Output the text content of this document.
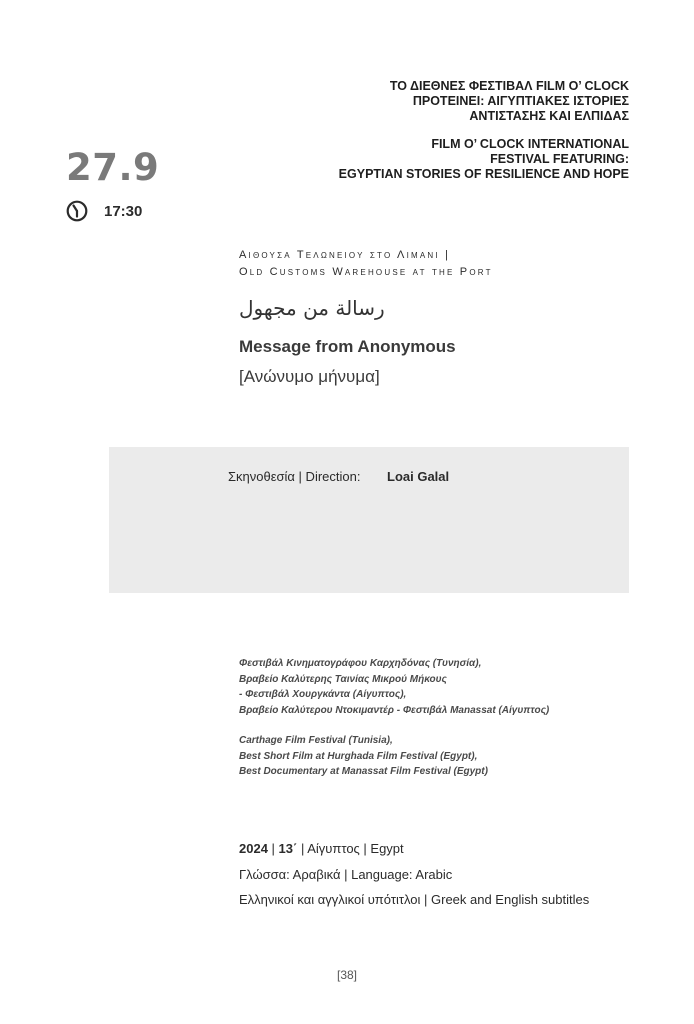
ΤΟ ΔΙΕΘΝΕΣ ΦΕΣΤΙΒΑΛ FILM O’ CLOCK
ΠΡΟΤΕΙΝΕΙ: ΑΙΓΥΠΤΙΑΚΕΣ ΙΣΤΟΡΙΕΣ
ΑΝΤΙΣΤΑΣΗΣ ΚΑΙ ΕΛΠΙΔΑΣ
FILM O’ CLOCK INTERNATIONAL
FESTIVAL FEATURING:
EGYPTIAN STORIES OF RESILIENCE AND HOPE
27.9
17:30
Αιθουσα Τελωνειου στο Λιμανι |
Old Customs Warehouse at the Port
رسالة من مجهول
Message from Anonymous
[Ανώνυμο μήνυμα]
Σκηνοθεσία | Direction: Loai Galal
Φεστιβάλ Κινηματογράφου Καρχηδόνας (Τυνησία),
Βραβείο Καλύτερης Ταινίας Μικρού Μήκους
- Φεστιβάλ Χουργκάντα (Αίγυπτος),
Βραβείο Καλύτερου Ντοκιμαντέρ - Φεστιβάλ Manassat (Αίγυπτος)
Carthage Film Festival (Tunisia),
Best Short Film at Hurghada Film Festival (Egypt),
Best Documentary at Manassat Film Festival (Egypt)
2024 | 13΄ | Αίγυπτος | Egypt
Γλώσσα: Αραβικά | Language: Arabic
Ελληνικοί και αγγλικοί υπότιτλοι | Greek and English subtitles
[38]
